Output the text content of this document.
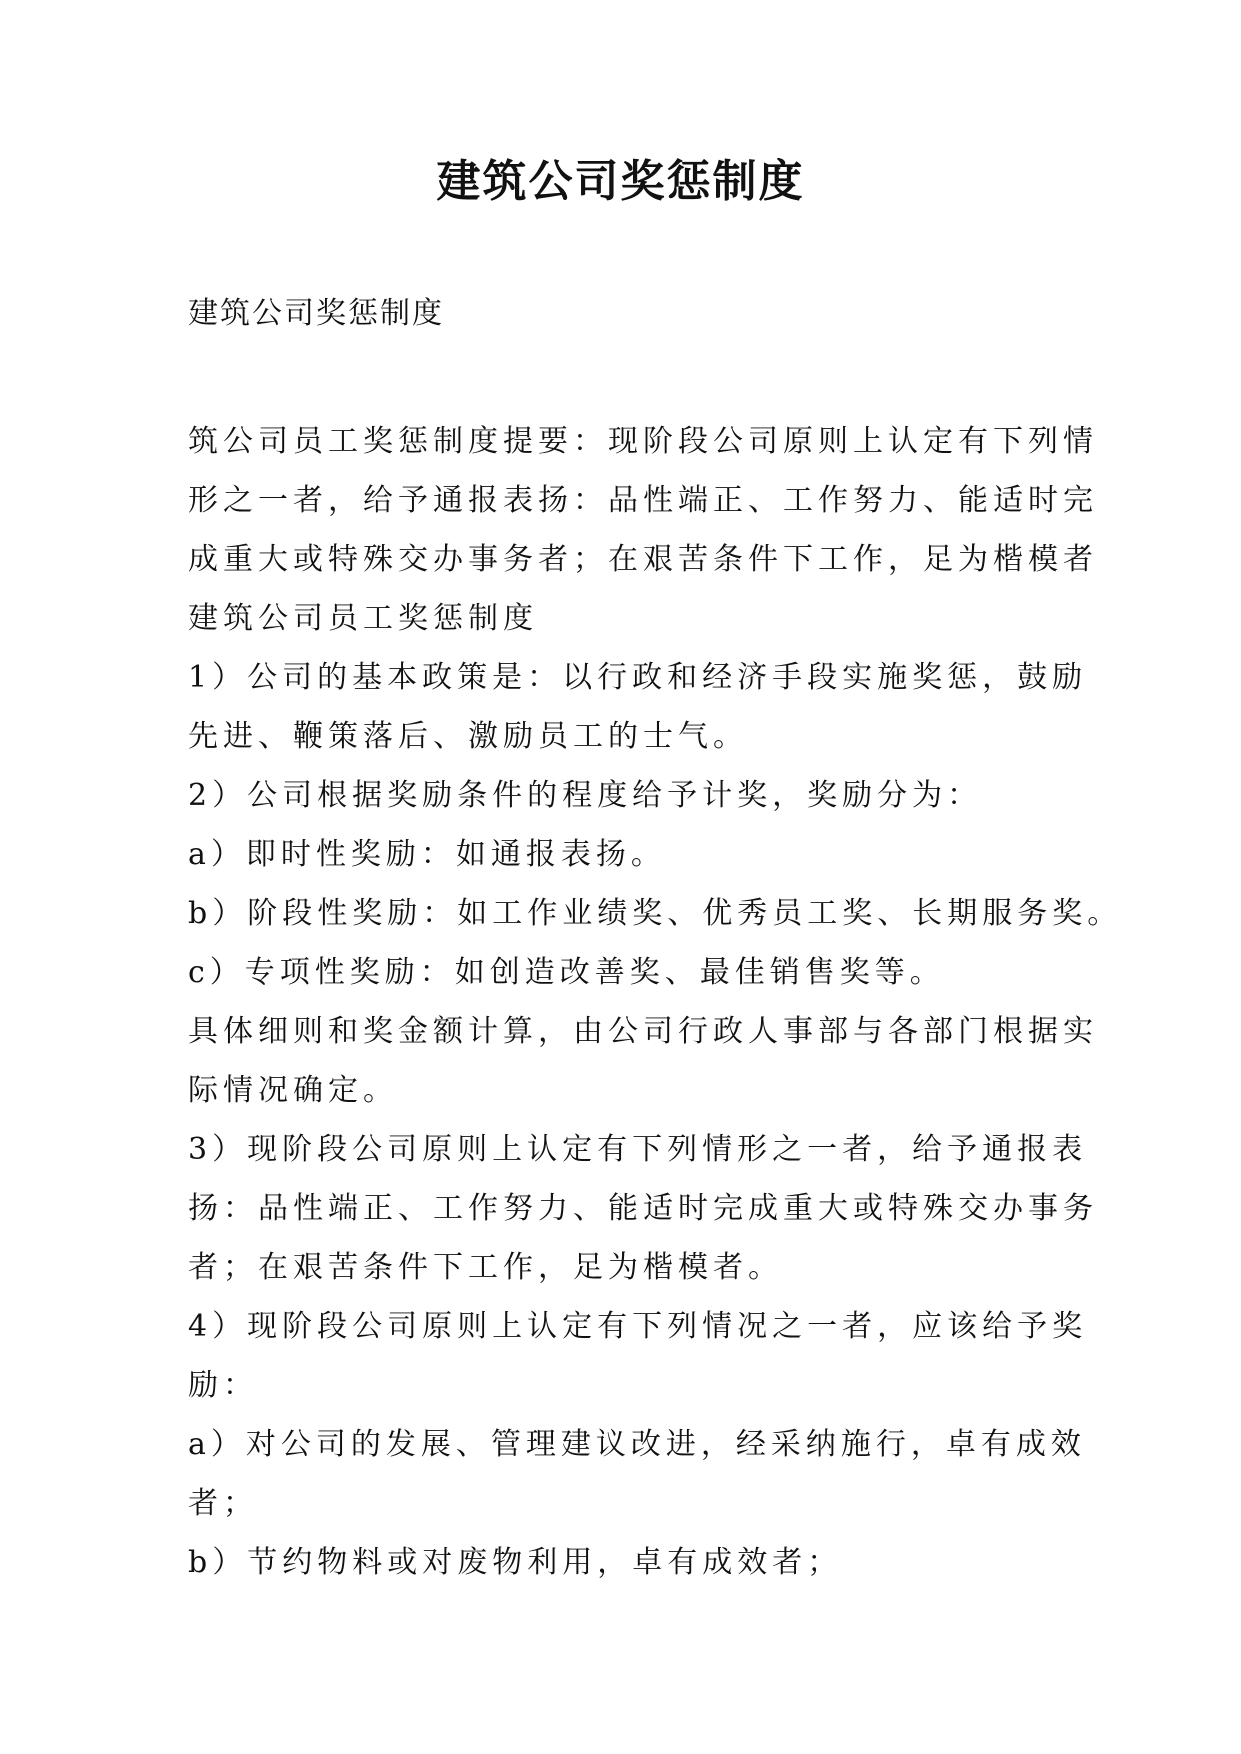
建筑公司奖惩制度

建筑公司奖惩制度

筑公司员工奖惩制度提要：现阶段公司原则上认定有下列情

形之一者，给予通报表扬：品性端正、工作努力、能适时完

成重大或特殊交办事务者；在艰苦条件下工作，足为楷模者

建筑公司员工奖惩制度

1）公司的基本政策是：以行政和经济手段实施奖惩，鼓励

先进、鞭策落后、激励员工的士气。

2）公司根据奖励条件的程度给予计奖，奖励分为：

a）即时性奖励：如通报表扬。

b）阶段性奖励：如工作业绩奖、优秀员工奖、长期服务奖。

c）专项性奖励：如创造改善奖、最佳销售奖等。

具体细则和奖金额计算，由公司行政人事部与各部门根据实

际情况确定。

3）现阶段公司原则上认定有下列情形之一者，给予通报表

扬：品性端正、工作努力、能适时完成重大或特殊交办事务

者；在艰苦条件下工作，足为楷模者。

4）现阶段公司原则上认定有下列情况之一者，应该给予奖

励：

a）对公司的发展、管理建议改进，经采纳施行，卓有成效

者；

b）节约物料或对废物利用，卓有成效者；
